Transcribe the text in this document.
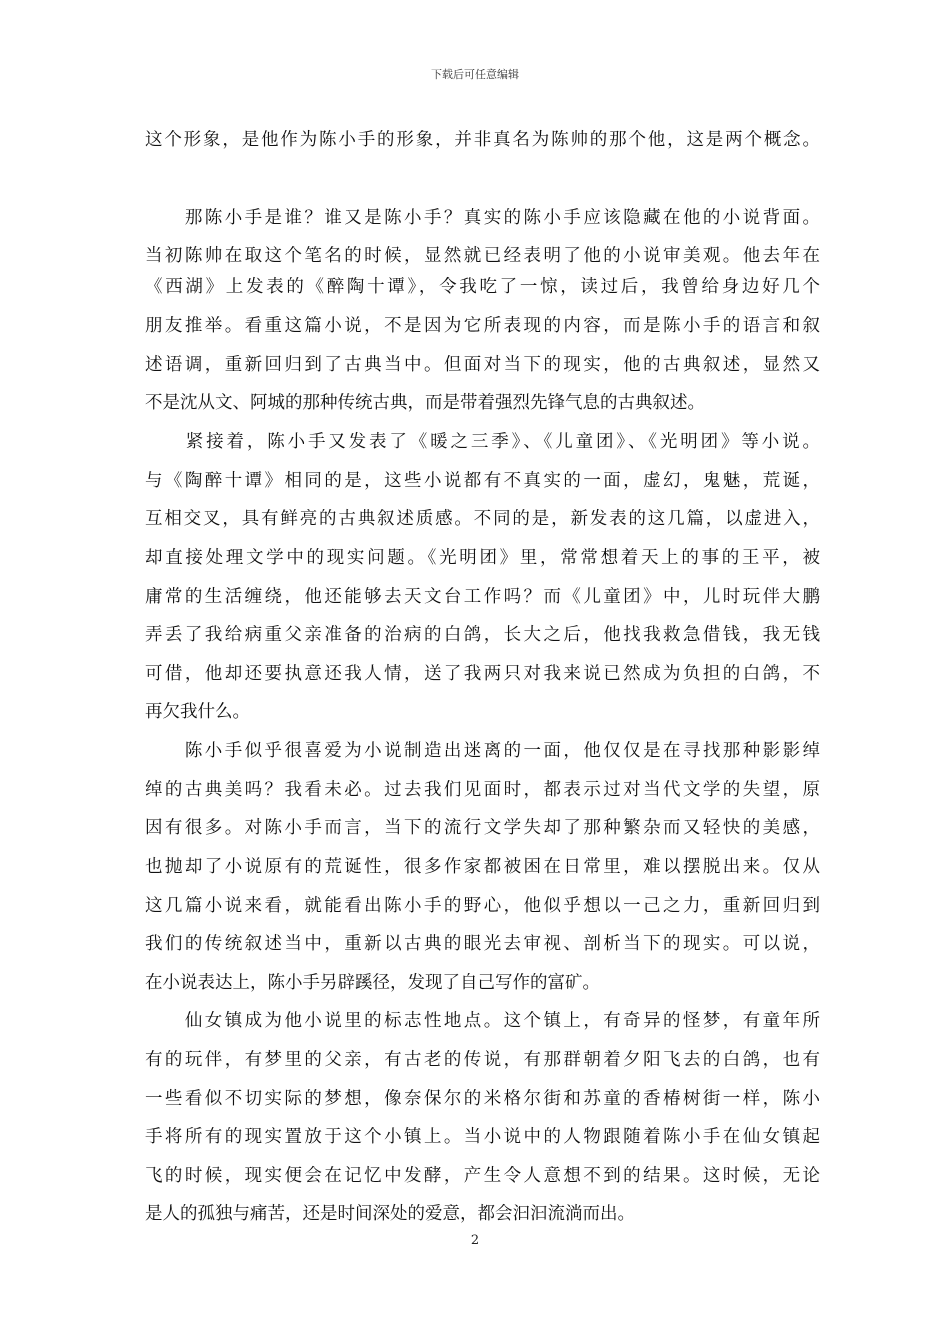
下载后可任意编辑
这个形象，是他作为陈小手的形象，并非真名为陈帅的那个他，这是两个概念。
　　那陈小手是谁？谁又是陈小手？真实的陈小手应该隐藏在他的小说背面。
当初陈帅在取这个笔名的时候，显然就已经表明了他的小说审美观。他去年在
《西湖》上发表的《醉陶十谭》，令我吃了一惊，读过后，我曾给身边好几个
朋友推举。看重这篇小说，不是因为它所表现的内容，而是陈小手的语言和叙
述语调，重新回归到了古典当中。但面对当下的现实，他的古典叙述，显然又
不是沈从文、阿城的那种传统古典，而是带着强烈先锋气息的古典叙述。
　　紧接着，陈小手又发表了《暖之三季》、《儿童团》、《光明团》等小说。
与《陶醉十谭》相同的是，这些小说都有不真实的一面，虚幻，鬼魅，荒诞，
互相交叉，具有鲜亮的古典叙述质感。不同的是，新发表的这几篇，以虚进入，
却直接处理文学中的现实问题。《光明团》里，常常想着天上的事的王平，被
庸常的生活缠绕，他还能够去天文台工作吗？而《儿童团》中，儿时玩伴大鹏
弄丢了我给病重父亲准备的治病的白鸽，长大之后，他找我救急借钱，我无钱
可借，他却还要执意还我人情，送了我两只对我来说已然成为负担的白鸽，不
再欠我什么。
　　陈小手似乎很喜爱为小说制造出迷离的一面，他仅仅是在寻找那种影影绰
绰的古典美吗？我看未必。过去我们见面时，都表示过对当代文学的失望，原
因有很多。对陈小手而言，当下的流行文学失却了那种繁杂而又轻快的美感，
也抛却了小说原有的荒诞性，很多作家都被困在日常里，难以摆脱出来。仅从
这几篇小说来看，就能看出陈小手的野心，他似乎想以一己之力，重新回归到
我们的传统叙述当中，重新以古典的眼光去审视、剖析当下的现实。可以说，
在小说表达上，陈小手另辟蹊径，发现了自己写作的富矿。
　　仙女镇成为他小说里的标志性地点。这个镇上，有奇异的怪梦，有童年所
有的玩伴，有梦里的父亲，有古老的传说，有那群朝着夕阳飞去的白鸽，也有
一些看似不切实际的梦想，像奈保尔的米格尔街和苏童的香椿树街一样，陈小
手将所有的现实置放于这个小镇上。当小说中的人物跟随着陈小手在仙女镇起
飞的时候，现实便会在记忆中发酵，产生令人意想不到的结果。这时候，无论
是人的孤独与痛苦，还是时间深处的爱意，都会汩汩流淌而出。
2
